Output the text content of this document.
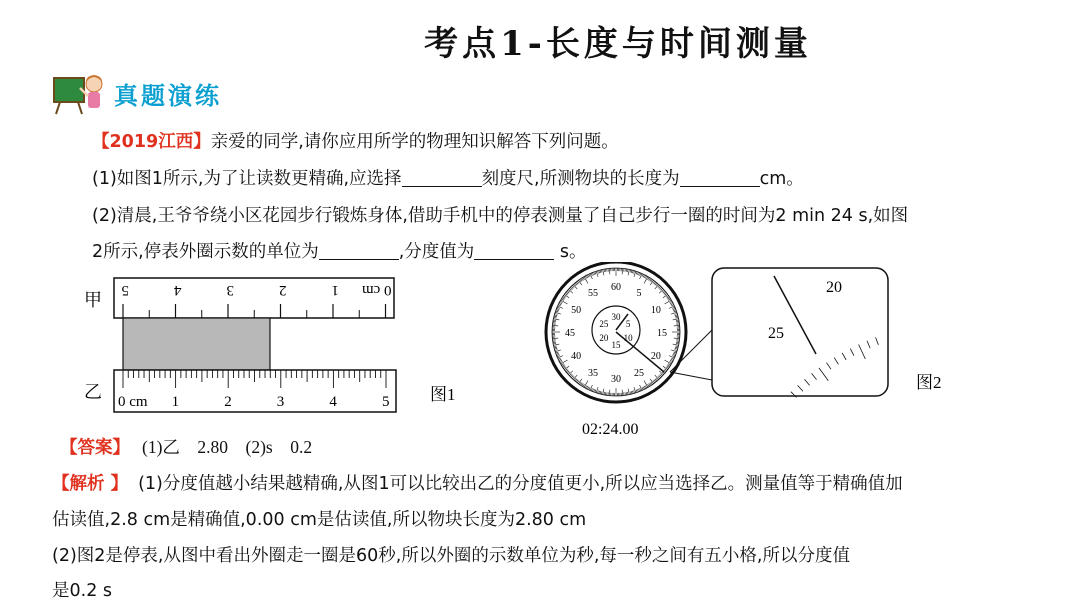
考点1-长度与时间测量
真题演练
【2019江西】亲爱的同学,请你应用所学的物理知识解答下列问题。
(1)如图1所示,为了让读数更精确,应选择	刻度尺,所测物块的长度为	cm。
(2)清晨,王爷爷绕小区花园步行锻炼身体,借助手机中的停表测量了自己步行一圈的时间为2 min 24 s,如图
2所示,停表外圈示数的单位为	,分度值为	s。
甲
乙
5	4	3	2	1 0 cm
0 cm 1	2	3	4	5 图1
60
5
10
15
20
25
30
35
40
45
50
55
30
5
10
15
20
25
02:24.00
20
25
图2
【答案】 (1)乙　2.80　(2)s　0.2
【解析 】 (1)分度值越小结果越精确,从图1可以比较出乙的分度值更小,所以应当选择乙。测量值等于精确值加
估读值,2.8 cm是精确值,0.00 cm是估读值,所以物块长度为2.80 cm
(2)图2是停表,从图中看出外圈走一圈是60秒,所以外圈的示数单位为秒,每一秒之间有五小格,所以分度值
是0.2 s
